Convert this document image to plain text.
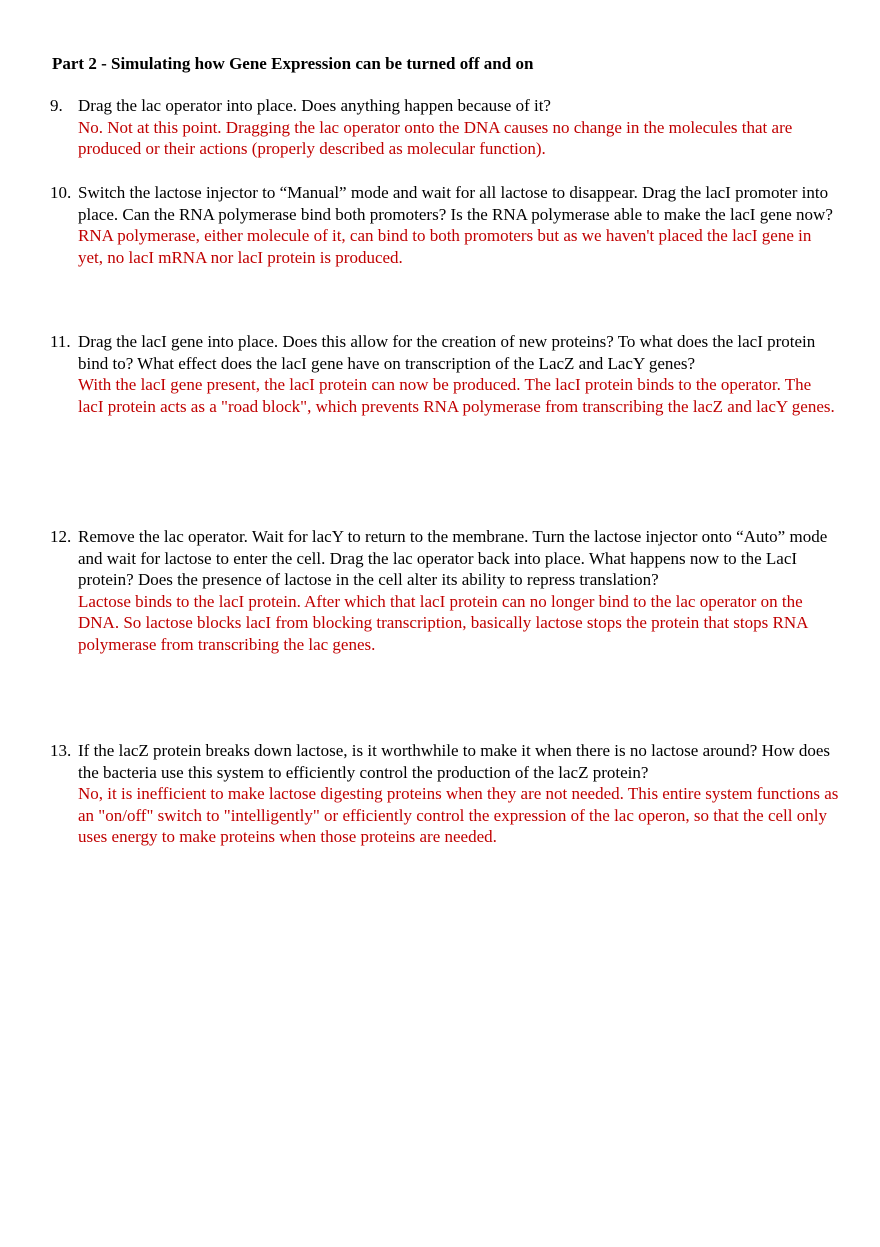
Part 2 - Simulating how Gene Expression can be turned off and on
9. Drag the lac operator into place. Does anything happen because of it?
No. Not at this point. Dragging the lac operator onto the DNA causes no change in the molecules that are produced or their actions (properly described as molecular function).
10. Switch the lactose injector to “Manual” mode and wait for all lactose to disappear. Drag the lacI promoter into place. Can the RNA polymerase bind both promoters? Is the RNA polymerase able to make the lacI gene now?
RNA polymerase, either molecule of it, can bind to both promoters but as we haven't placed the lacI gene in yet, no lacI mRNA nor lacI protein is produced.
11. Drag the lacI gene into place. Does this allow for the creation of new proteins? To what does the lacI protein bind to? What effect does the lacI gene have on transcription of the LacZ and LacY genes?
With the lacI gene present, the lacI protein can now be produced. The lacI protein binds to the operator. The lacI protein acts as a "road block", which prevents RNA polymerase from transcribing the lacZ and lacY genes.
12. Remove the lac operator. Wait for lacY to return to the membrane. Turn the lactose injector onto “Auto” mode and wait for lactose to enter the cell. Drag the lac operator back into place. What happens now to the LacI protein? Does the presence of lactose in the cell alter its ability to repress translation?
Lactose binds to the lacI protein. After which that lacI protein can no longer bind to the lac operator on the DNA. So lactose blocks lacI from blocking transcription, basically lactose stops the protein that stops RNA polymerase from transcribing the lac genes.
13. If the lacZ protein breaks down lactose, is it worthwhile to make it when there is no lactose around? How does the bacteria use this system to efficiently control the production of the lacZ protein?
No, it is inefficient to make lactose digesting proteins when they are not needed. This entire system functions as an "on/off" switch to "intelligently" or efficiently control the expression of the lac operon, so that the cell only uses energy to make proteins when those proteins are needed.
